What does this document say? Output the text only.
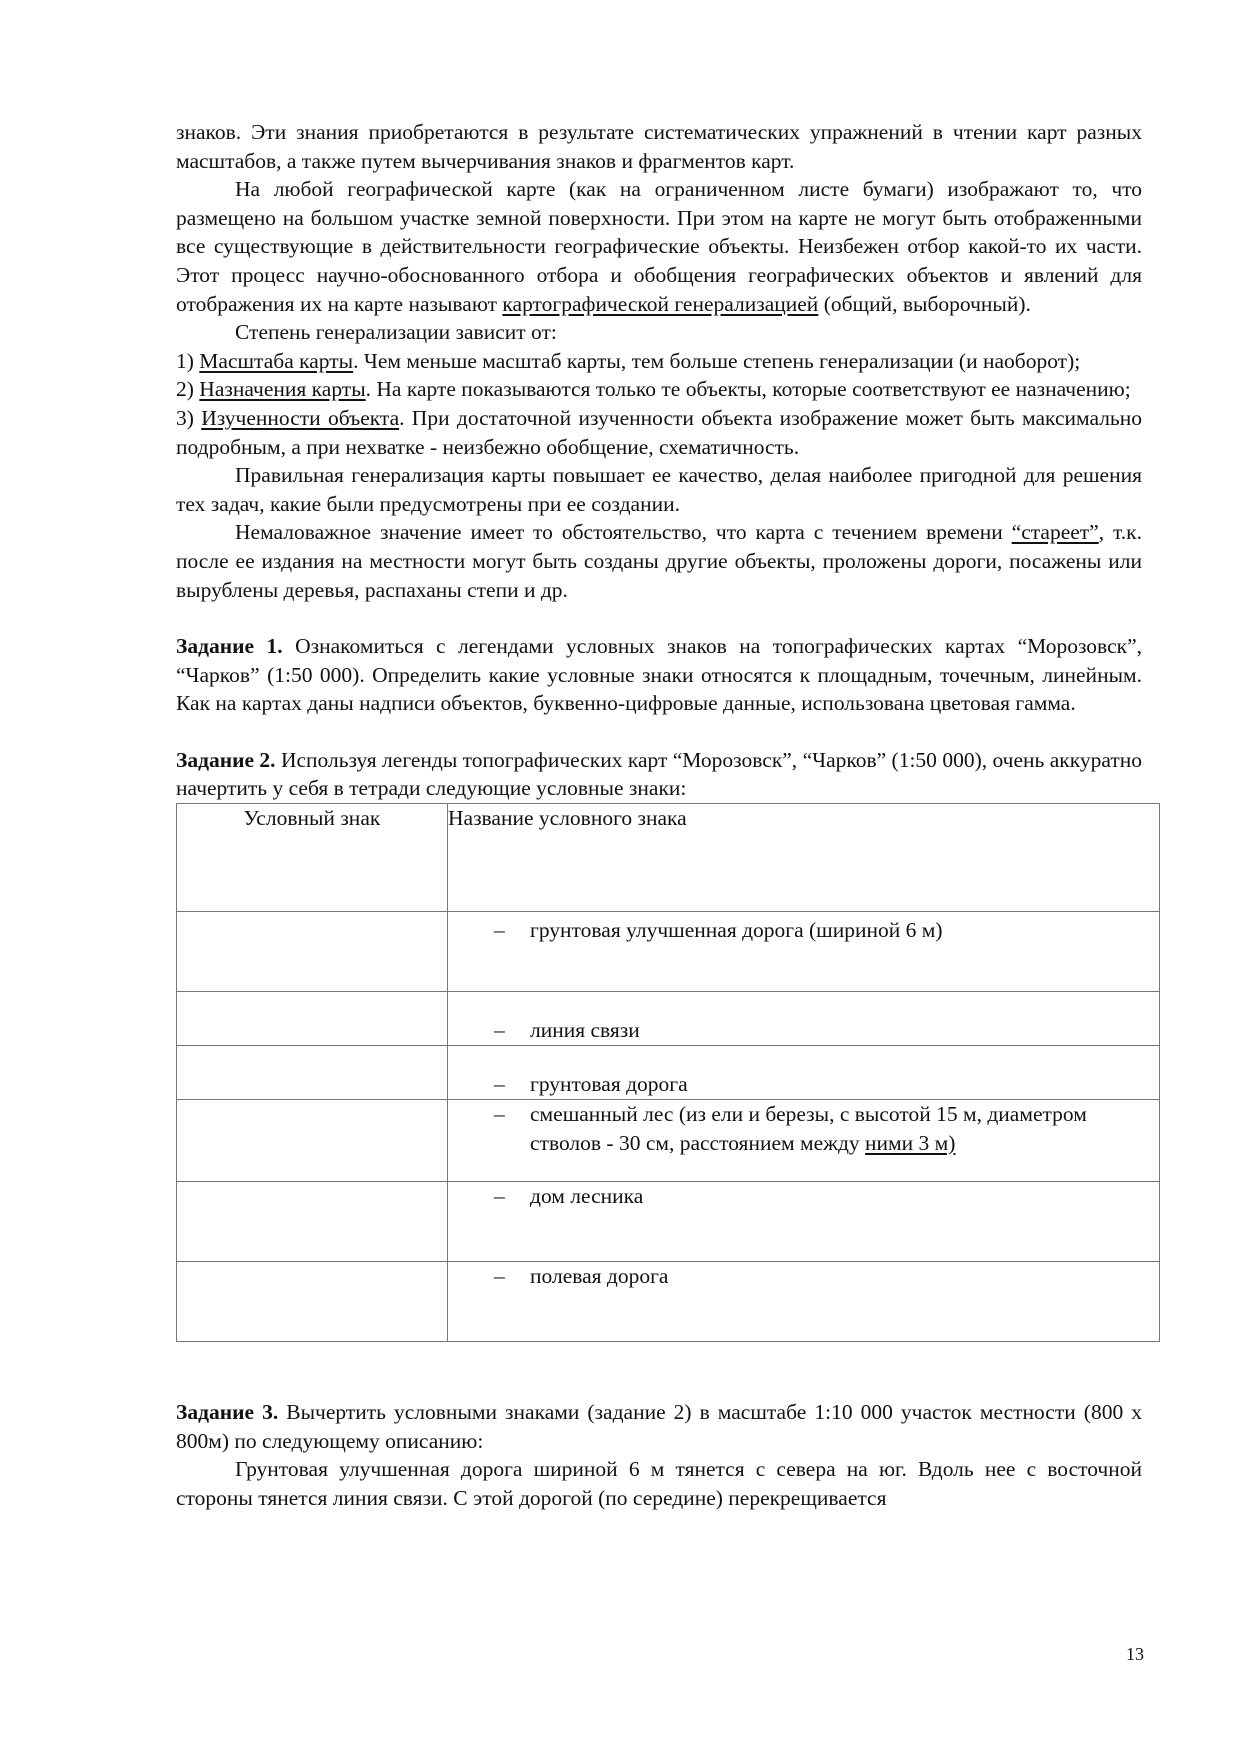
знаков. Эти знания приобретаются в результате систематических упражнений в чтении карт разных масштабов, а также путем вычерчивания знаков и фрагментов карт.

На любой географической карте (как на ограниченном листе бумаги) изображают то, что размещено на большом участке земной поверхности. При этом на карте не могут быть отображенными все существующие в действительности географические объекты. Неизбежен отбор какой-то их части. Этот процесс научно-обоснованного отбора и обобщения географических объектов и явлений для отображения их на карте называют картографической генерализацией (общий, выборочный).

Степень генерализации зависит от:

1) Масштаба карты. Чем меньше масштаб карты, тем больше степень генерализации (и наоборот);

2) Назначения карты. На карте показываются только те объекты, которые соответствуют ее назначению;

3) Изученности объекта. При достаточной изученности объекта изображение может быть максимально подробным, а при нехватке - неизбежно обобщение, схематичность.

Правильная генерализация карты повышает ее качество, делая наиболее пригодной для решения тех задач, какие были предусмотрены при ее создании.

Немаловажное значение имеет то обстоятельство, что карта с течением времени “стареет”, т.к. после ее издания на местности могут быть созданы другие объекты, проложены дороги, посажены или вырублены деревья, распаханы степи и др.

Задание 1. Ознакомиться с легендами условных знаков на топографических картах “Морозовск”, “Чарков” (1:50 000). Определить какие условные знаки относятся к площадным, точечным, линейным. Как на картах даны надписи объектов, буквенно-цифровые данные, использована цветовая гамма.

Задание 2. Используя легенды топографических карт “Морозовск”, “Чарков” (1:50 000), очень аккуратно начертить у себя в тетради следующие условные знаки:

Условный знак	Название условного знака

	– грунтовая улучшенная дорога (шириной 6 м)

	– линия связи

	– грунтовая дорога

	– смешанный лес (из ели и березы, с высотой 15 м, диаметром стволов - 30 см, расстоянием между ними 3 м)

	– дом лесника

	– полевая дорога

Задание 3. Вычертить условными знаками (задание 2) в масштабе 1:10 000 участок местности (800 х 800м) по следующему описанию:

Грунтовая улучшенная дорога шириной 6 м тянется с севера на юг. Вдоль нее с восточной стороны тянется линия связи. С этой дорогой (по середине) перекрещивается

13
